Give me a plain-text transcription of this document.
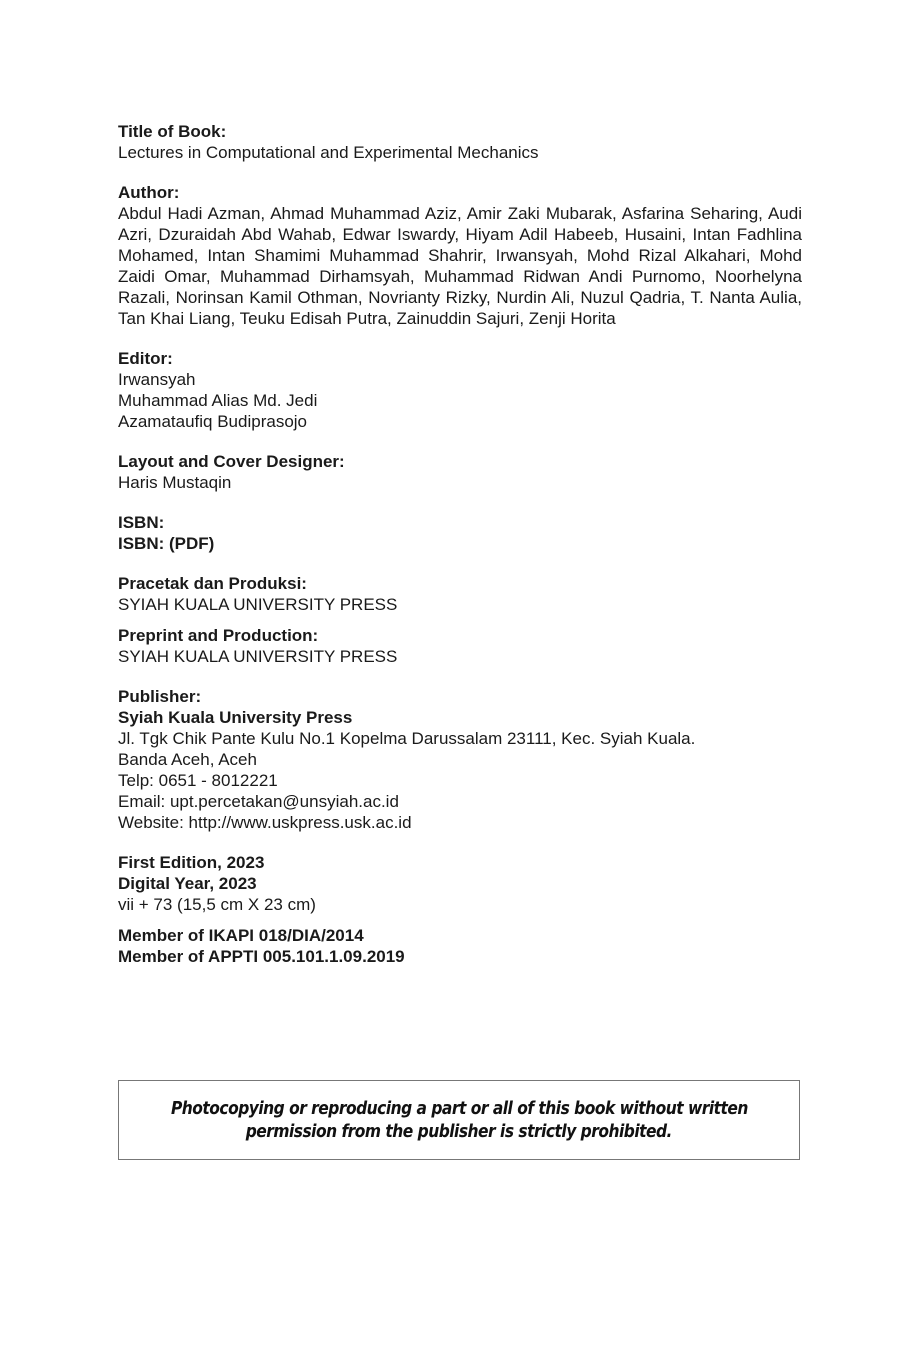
Title of Book:
Lectures in Computational and Experimental Mechanics
Author:
Abdul Hadi Azman, Ahmad Muhammad Aziz, Amir Zaki Mubarak, Asfarina Seharing, Audi Azri, Dzuraidah Abd Wahab, Edwar Iswardy, Hiyam Adil Habeeb, Husaini, Intan Fadhlina Mohamed, Intan Shamimi Muhammad Shahrir, Irwansyah, Mohd Rizal Alkahari, Mohd Zaidi Omar, Muhammad Dirhamsyah, Muhammad Ridwan Andi Purnomo, Noorhelyna Razali, Norinsan Kamil Othman, Novrianty Rizky, Nurdin Ali, Nuzul Qadria, T. Nanta Aulia, Tan Khai Liang, Teuku Edisah Putra, Zainuddin Sajuri, Zenji Horita
Editor:
Irwansyah
Muhammad Alias Md. Jedi
Azamataufiq Budiprasojo
Layout and Cover Designer:
Haris Mustaqin
ISBN:
ISBN: (PDF)
Pracetak dan Produksi:
SYIAH KUALA UNIVERSITY PRESS
Preprint and Production:
SYIAH KUALA UNIVERSITY PRESS
Publisher:
Syiah Kuala University Press
Jl. Tgk Chik Pante Kulu No.1 Kopelma Darussalam 23111, Kec. Syiah Kuala.
Banda Aceh, Aceh
Telp: 0651 - 8012221
Email: upt.percetakan@unsyiah.ac.id
Website: http://www.uskpress.usk.ac.id
First Edition, 2023
Digital Year, 2023
vii + 73 (15,5 cm X 23 cm)
Member of IKAPI 018/DIA/2014
Member of APPTI 005.101.1.09.2019
Photocopying or reproducing a part or all of this book without written
permission from the publisher is strictly prohibited.
